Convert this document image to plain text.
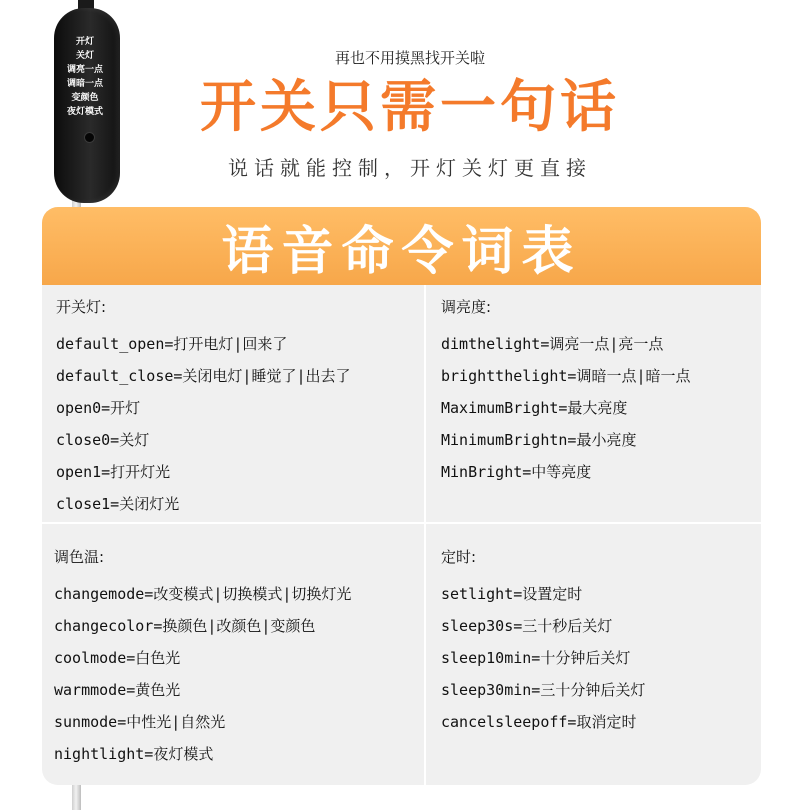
开灯
关灯
调亮一点
调暗一点
变颜色
夜灯模式
再也不用摸黑找开关啦
开关只需一句话
说话就能控制，开灯关灯更直接
语音命令词表
开关灯:
default_open=打开电灯|回来了
default_close=关闭电灯|睡觉了|出去了
open0=开灯
close0=关灯
open1=打开灯光
close1=关闭灯光
调亮度:
dimthelight=调亮一点|亮一点
brightthelight=调暗一点|暗一点
MaximumBright=最大亮度
MinimumBrightn=最小亮度
MinBright=中等亮度
调色温:
changemode=改变模式|切换模式|切换灯光
changecolor=换颜色|改颜色|变颜色
coolmode=白色光
warmmode=黄色光
sunmode=中性光|自然光
nightlight=夜灯模式
定时:
setlight=设置定时
sleep30s=三十秒后关灯
sleep10min=十分钟后关灯
sleep30min=三十分钟后关灯
cancelsleepoff=取消定时
